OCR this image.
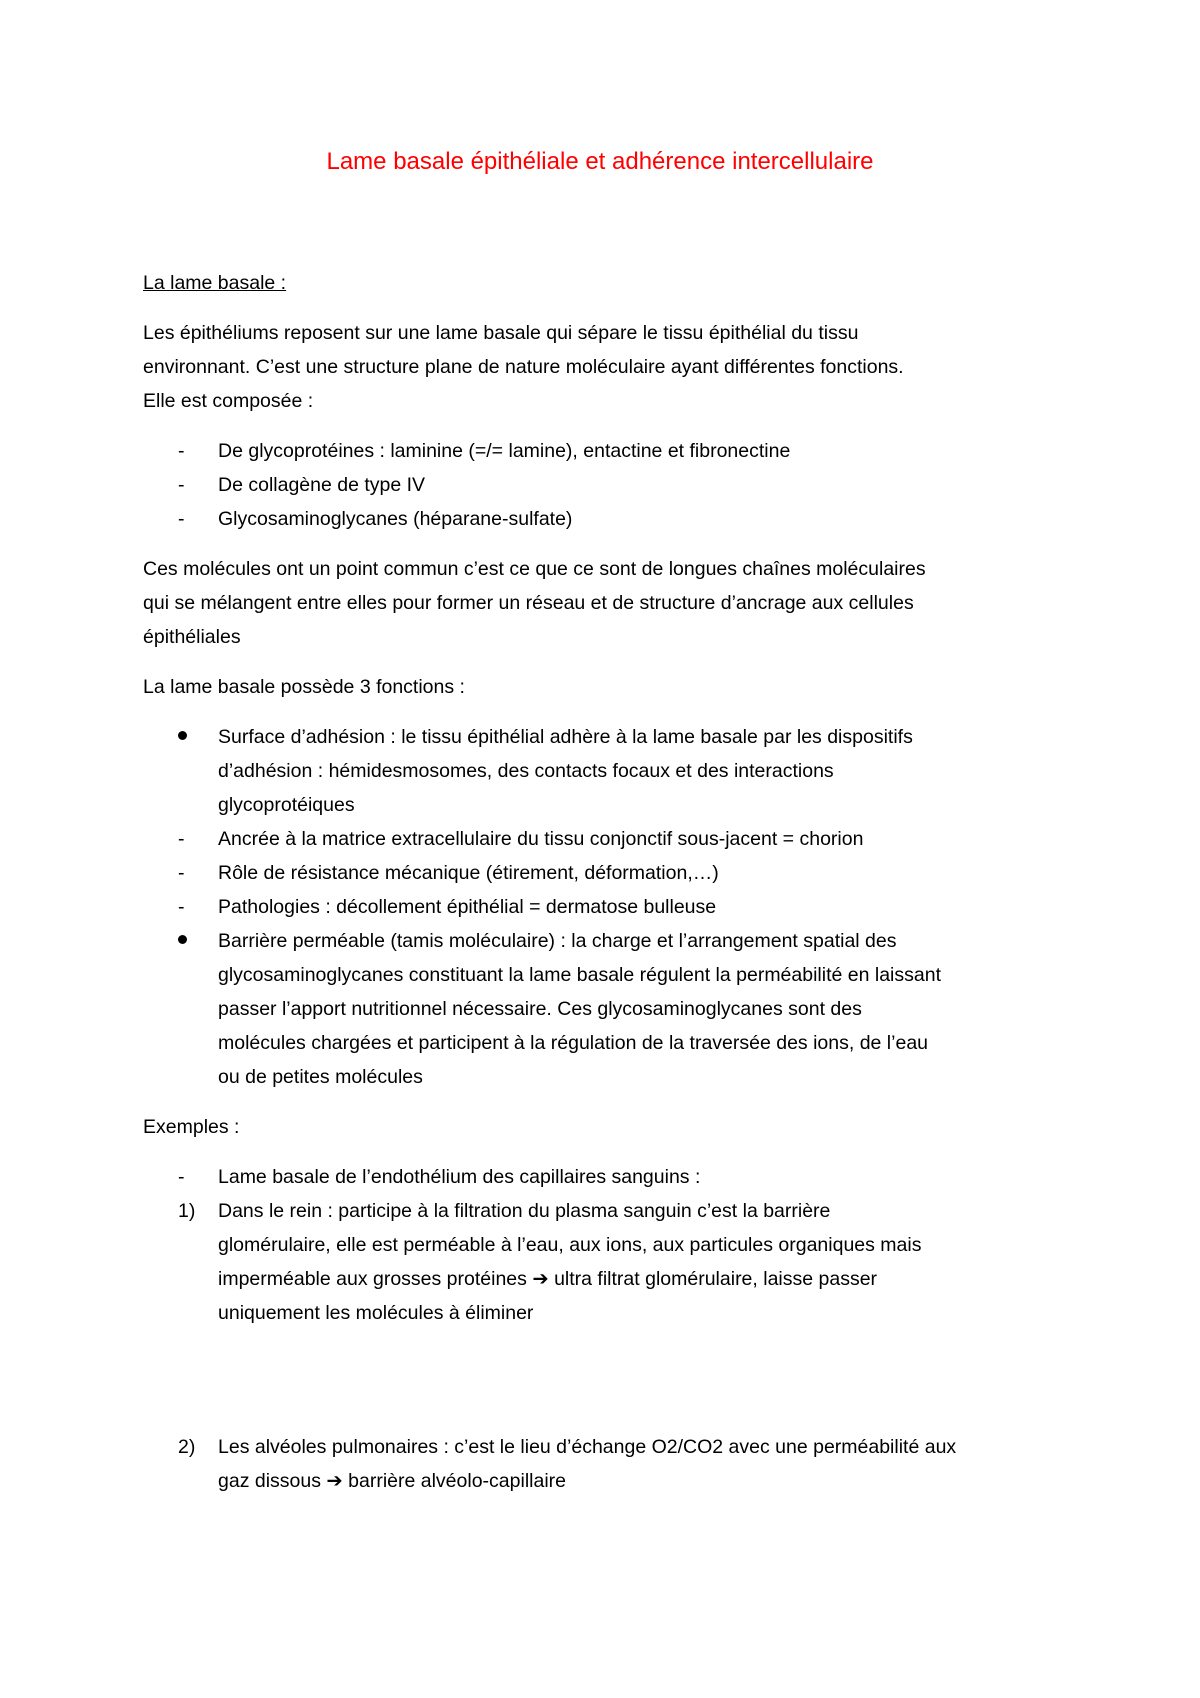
Lame basale épithéliale et adhérence intercellulaire
La lame basale :

Les épithéliums reposent sur une lame basale qui sépare le tissu épithélial du tissu
environnant. C’est une structure plane de nature moléculaire ayant différentes fonctions.
Elle est composée :

-	De glycoprotéines : laminine (=/= lamine), entactine et fibronectine
-	De collagène de type IV
-	Glycosaminoglycanes (héparane-sulfate)

Ces molécules ont un point commun c’est ce que ce sont de longues chaînes moléculaires
qui se mélangent entre elles pour former un réseau et de structure d’ancrage aux cellules
épithéliales

La lame basale possède 3 fonctions :

Surface d’adhésion : le tissu épithélial adhère à la lame basale par les dispositifs
d’adhésion : hémidesmosomes, des contacts focaux et des interactions
glycoprotéiques
-	Ancrée à la matrice extracellulaire du tissu conjonctif sous-jacent = chorion
-	Rôle de résistance mécanique (étirement, déformation,…)
-	Pathologies : décollement épithélial = dermatose bulleuse
Barrière perméable (tamis moléculaire) : la charge et l’arrangement spatial des
glycosaminoglycanes constituant la lame basale régulent la perméabilité en laissant
passer l’apport nutritionnel nécessaire. Ces glycosaminoglycanes sont des
molécules chargées et participent à la régulation de la traversée des ions, de l’eau
ou de petites molécules

Exemples :

-	Lame basale de l’endothélium des capillaires sanguins :
1)	Dans le rein : participe à la filtration du plasma sanguin c’est la barrière
glomérulaire, elle est perméable à l’eau, aux ions, aux particules organiques mais
imperméable aux grosses protéines ➔ ultra filtrat glomérulaire, laisse passer
uniquement les molécules à éliminer
2)	Les alvéoles pulmonaires : c’est le lieu d’échange O2/CO2 avec une perméabilité aux
gaz dissous ➔ barrière alvéolo-capillaire
